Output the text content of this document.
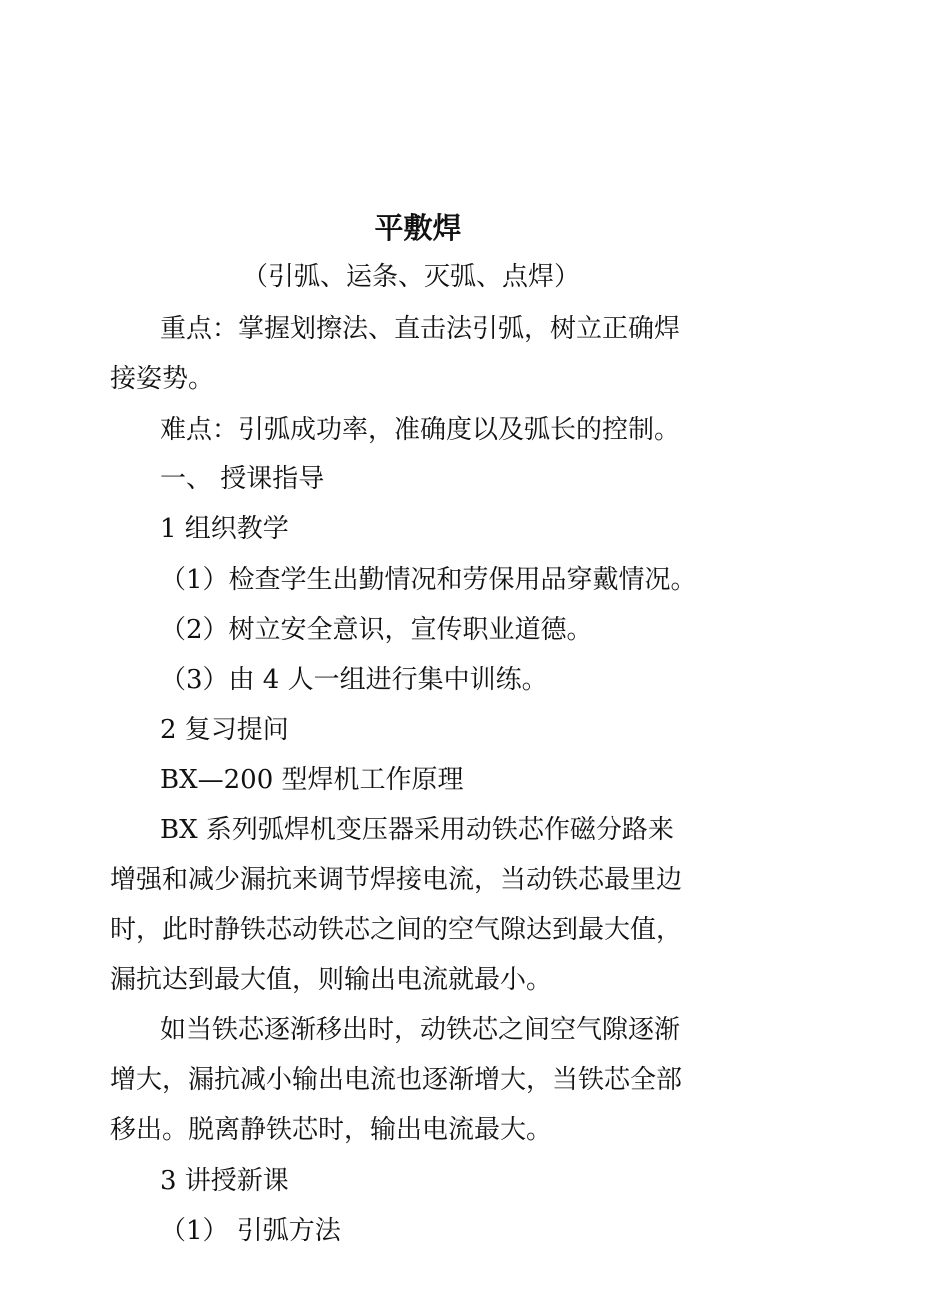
平敷焊
（引弧、运条、灭弧、点焊）
重点：掌握划擦法、直击法引弧，树立正确焊
接姿势。
难点：引弧成功率，准确度以及弧长的控制。
一、 授课指导
1 组织教学
（1）检查学生出勤情况和劳保用品穿戴情况。
（2）树立安全意识，宣传职业道德。
（3）由 4 人一组进行集中训练。
2 复习提问
BX—200 型焊机工作原理
BX 系列弧焊机变压器采用动铁芯作磁分路来
增强和减少漏抗来调节焊接电流，当动铁芯最里边
时，此时静铁芯动铁芯之间的空气隙达到最大值，
漏抗达到最大值，则输出电流就最小。
如当铁芯逐渐移出时，动铁芯之间空气隙逐渐
增大，漏抗减小输出电流也逐渐增大，当铁芯全部
移出。脱离静铁芯时，输出电流最大。
3 讲授新课
（1） 引弧方法
